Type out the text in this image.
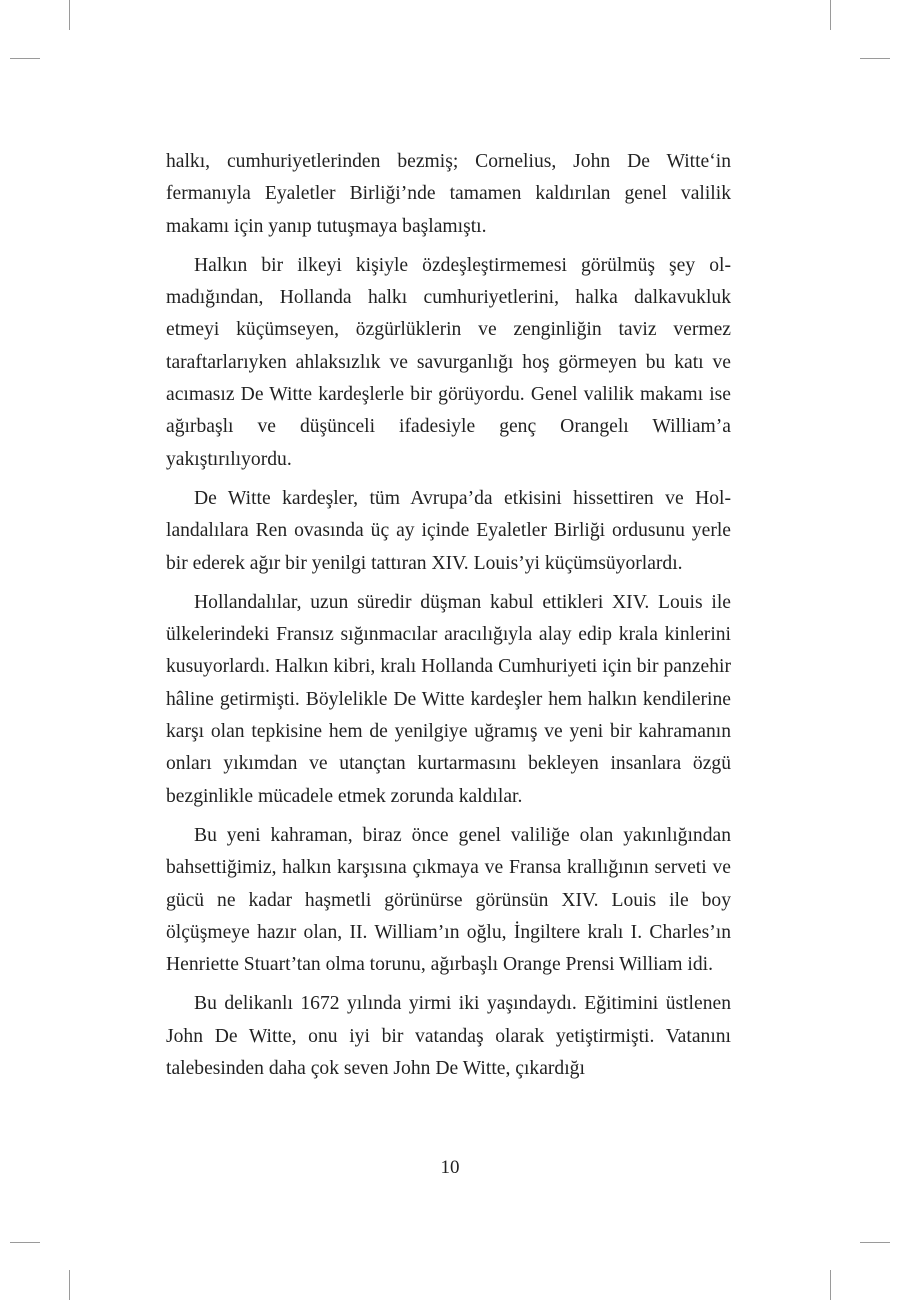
halkı, cumhuriyetlerinden bezmiş; Cornelius, John De Witte‘in fermanıyla Eyaletler Birliği’nde tamamen kaldırılan genel valilik makamı için yanıp tutuşmaya başlamıştı.

Halkın bir ilkeyi kişiyle özdeşleştirmemesi görülmüş şey olmadığından, Hollanda halkı cumhuriyetlerini, halka dalkavukluk etmeyi küçümseyen, özgürlüklerin ve zenginliğin taviz vermez taraftarlarıyken ahlaksızlık ve savurganlığı hoş görmeyen bu katı ve acımasız De Witte kardeşlerle bir görüyordu. Genel valilik makamı ise ağırbaşlı ve düşünceli ifadesiyle genç Orangelı William’a yakıştırılıyordu.

De Witte kardeşler, tüm Avrupa’da etkisini hissettiren ve Hollandalılara Ren ovasında üç ay içinde Eyaletler Birliği ordusunu yerle bir ederek ağır bir yenilgi tattıran XIV. Louis’yi küçümsüyorlardı.

Hollandalılar, uzun süredir düşman kabul ettikleri XIV. Louis ile ülkelerindeki Fransız sığınmacılar aracılığıyla alay edip krala kinlerini kusuyorlardı. Halkın kibri, kralı Hollanda Cumhuriyeti için bir panzehir hâline getirmişti. Böylelikle De Witte kardeşler hem halkın kendilerine karşı olan tepkisine hem de yenilgiye uğramış ve yeni bir kahramanın onları yıkımdan ve utançtan kurtarmasını bekleyen insanlara özgü bezginlikle mücadele etmek zorunda kaldılar.

Bu yeni kahraman, biraz önce genel valiliğe olan yakınlığından bahsettiğimiz, halkın karşısına çıkmaya ve Fransa krallığının serveti ve gücü ne kadar haşmetli görünürse görünsün XIV. Louis ile boy ölçüşmeye hazır olan, II. William’ın oğlu, İngiltere kralı I. Charles’ın Henriette Stuart’tan olma torunu, ağırbaşlı Orange Prensi William idi.

Bu delikanlı 1672 yılında yirmi iki yaşındaydı. Eğitimini üstlenen John De Witte, onu iyi bir vatandaş olarak yetiştirmişti. Vatanını talebesinden daha çok seven John De Witte, çıkardığı

10
